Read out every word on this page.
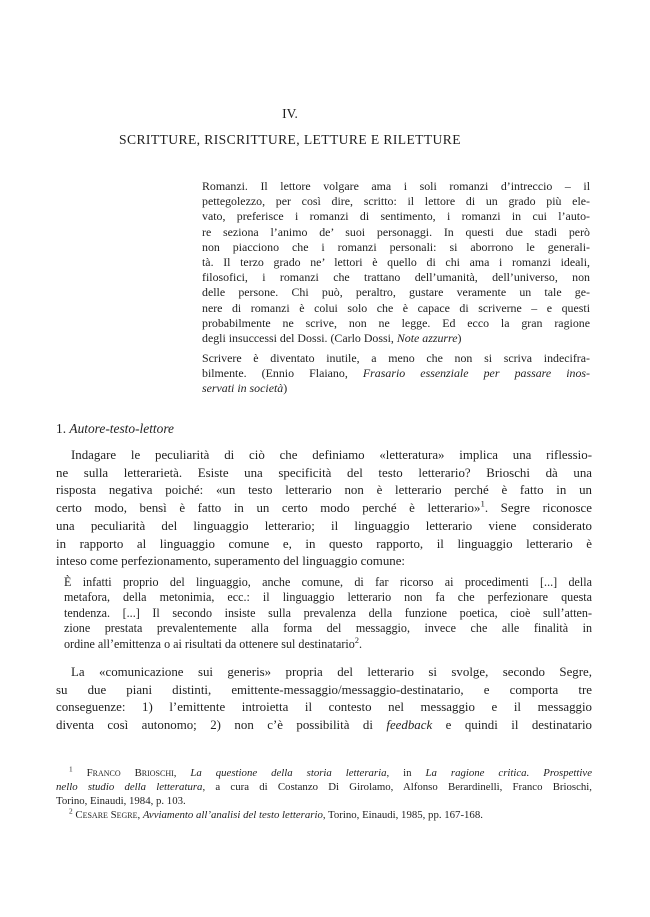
IV.
SCRITTURE, RISCRITTURE, LETTURE E RILETTURE
Romanzi. Il lettore volgare ama i soli romanzi d’intreccio – il
pettegolezzo, per così dire, scritto: il lettore di un grado più ele-
vato, preferisce i romanzi di sentimento, i romanzi in cui l’auto-
re seziona l’animo de’ suoi personaggi. In questi due stadi però
non piacciono che i romanzi personali: si aborrono le generali-
tà. Il terzo grado ne’ lettori è quello di chi ama i romanzi ideali,
filosofici, i romanzi che trattano dell’umanità, dell’universo, non
delle persone. Chi può, peraltro, gustare veramente un tale ge-
nere di romanzi è colui solo che è capace di scriverne – e questi
probabilmente ne scrive, non ne legge. Ed ecco la gran ragione
degli insuccessi del Dossi. (Carlo Dossi, Note azzurre)
Scrivere è diventato inutile, a meno che non si scriva indecifra-
bilmente. (Ennio Flaiano, Frasario essenziale per passare inos-
servati in società)
1. Autore-testo-lettore
Indagare le peculiarità di ciò che definiamo «letteratura» implica una riflessio-
ne sulla letterarietà. Esiste una specificità del testo letterario? Brioschi dà una
risposta negativa poiché: «un testo letterario non è letterario perché è fatto in un
certo modo, bensì è fatto in un certo modo perché è letterario»$^1$. Segre riconosce
una peculiarità del linguaggio letterario; il linguaggio letterario viene considerato
in rapporto al linguaggio comune e, in questo rapporto, il linguaggio letterario è
inteso come perfezionamento, superamento del linguaggio comune:
È infatti proprio del linguaggio, anche comune, di far ricorso ai procedimenti [...] della
metafora, della metonimia, ecc.: il linguaggio letterario non fa che perfezionare questa
tendenza. [...] Il secondo insiste sulla prevalenza della funzione poetica, cioè sull’atten-
zione prestata prevalentemente alla forma del messaggio, invece che alle finalità in
ordine all’emittenza o ai risultati da ottenere sul destinatario$^2$.
La «comunicazione sui generis» propria del letterario si svolge, secondo Segre,
su due piani distinti, emittente-messaggio/messaggio-destinatario, e comporta tre
conseguenze: 1) l’emittente introietta il contesto nel messaggio e il messaggio
diventa così autonomo; 2) non c’è possibilità di feedback e quindi il destinatario
$^1$ Franco Brioschi, La questione della storia letteraria, in La ragione critica. Prospettive
nello studio della letteratura, a cura di Costanzo Di Girolamo, Alfonso Berardinelli, Franco Brioschi,
Torino, Einaudi, 1984, p. 103.
$^2$ Cesare Segre, Avviamento all’analisi del testo letterario, Torino, Einaudi, 1985, pp. 167-168.
